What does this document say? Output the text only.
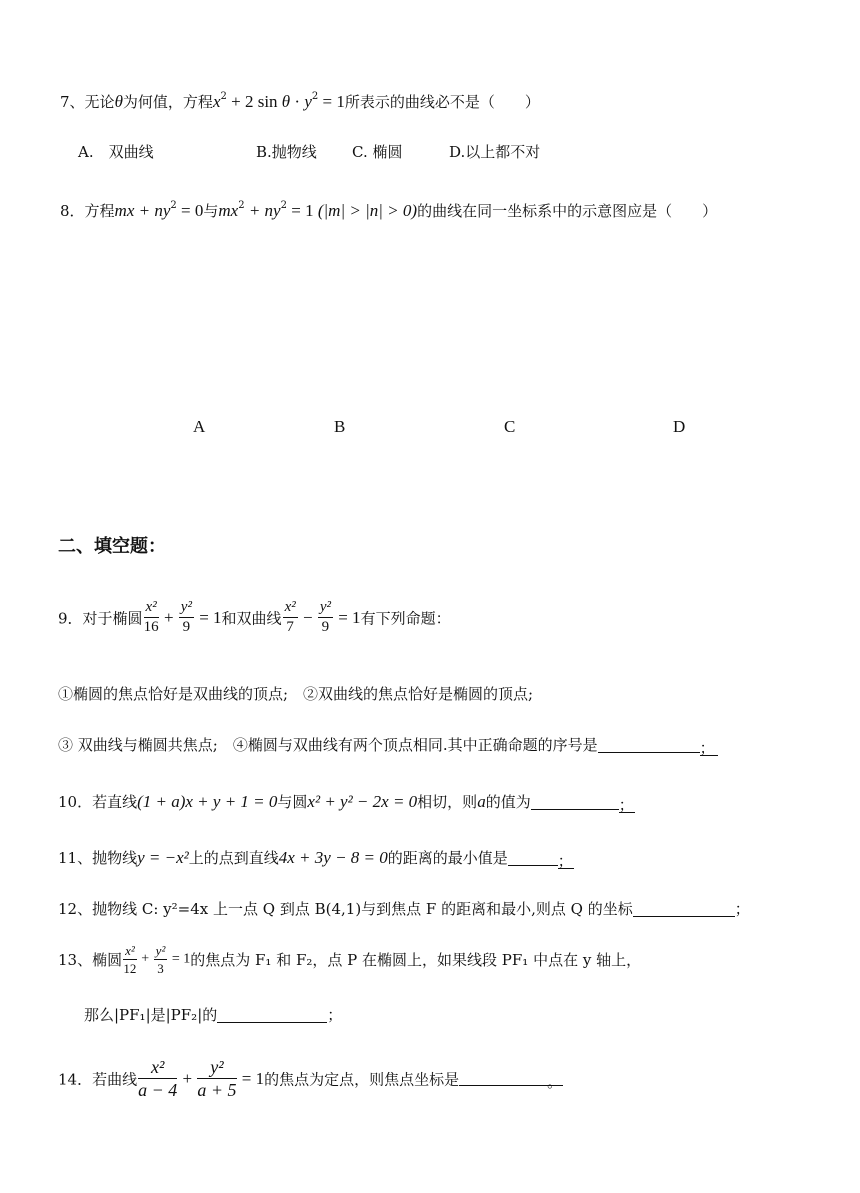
7、无论θ为何值，方程$x^2 + 2$ $\sin \theta \cdot y^2 = 1$所表示的曲线必不是（　　）
A.　双曲线	B.抛物线 C. 椭圆	D.以上都不对
8．方程mx + $ny^2 = 0$与$mx^2 + ny^2 = 1$ (|m| > |n| > 0)的曲线在同一坐标系中的示意图应是（　　）
A	B	C	D
二、填空题：
9．对于椭圆 $\frac{\text{x²}}{16} + \frac{\text{y²}}{9} = 1$和双曲线 $\frac{\text{x²}}{7} - \frac{\text{y²}}{9} = 1$有下列命题：
①椭圆的焦点恰好是双曲线的顶点;　②双曲线的焦点恰好是椭圆的顶点;
③ 双曲线与椭圆共焦点;　④椭圆与双曲线有两个顶点相同.其中正确命题的序号是	；
10．若直线(1 + a)x + y + 1 = 0与圆x² + y² − 2x = 0相切，则a的值为	；
11、抛物线y = −x²上的点到直线4x + 3y − 8 = 0的距离的最小值是	；
12、抛物线 C: y²=4x 上一点 Q 到点 B(4,1)与到焦点 F 的距离和最小,则点 Q 的坐标	；
13、椭圆 $\frac{\text{x²}}{12} + \frac{\text{y²}}{3} = 1$的焦点为 F₁ 和 F₂，点 P 在椭圆上，如果线段 PF₁ 中点在 y 轴上，
那么|PF₁|是|PF₂|的	；
14．若曲线 $\frac{\text{x²}}{a - 4} + \frac{\text{y²}}{a + 5} = 1$的焦点为定点，则焦点坐标是	。
